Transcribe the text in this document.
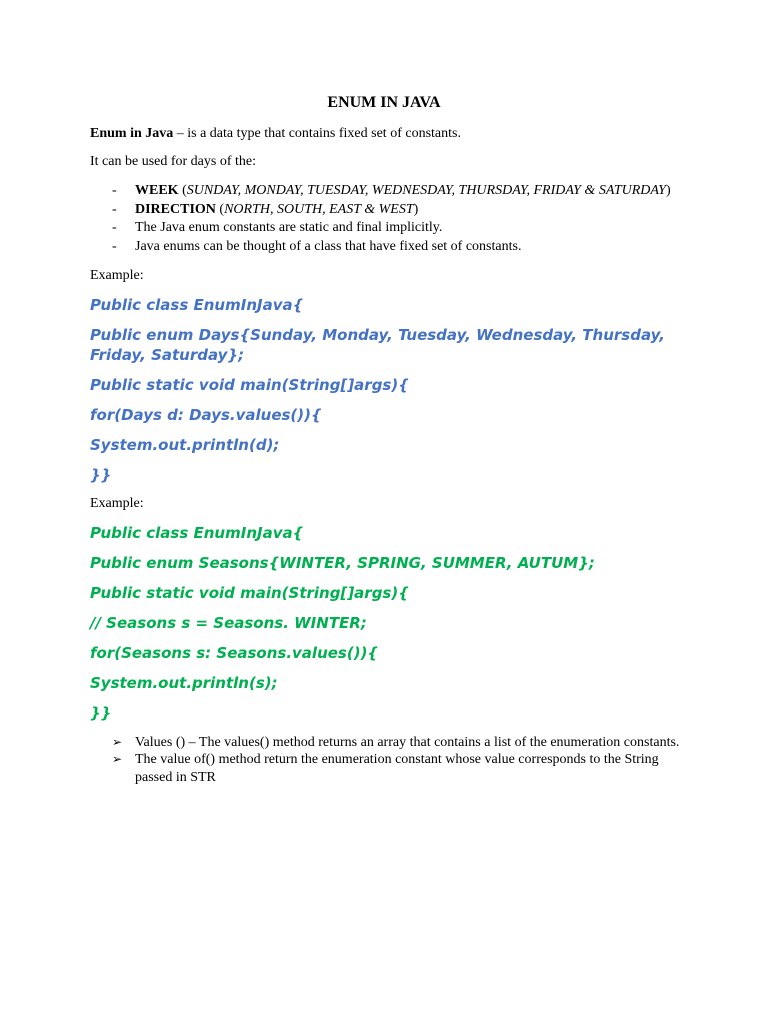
ENUM IN JAVA

Enum in Java – is a data type that contains fixed set of constants.

It can be used for days of the:

- WEEK (SUNDAY, MONDAY, TUESDAY, WEDNESDAY, THURSDAY, FRIDAY & SATURDAY)
- DIRECTION (NORTH, SOUTH, EAST & WEST)
- The Java enum constants are static and final implicitly.
- Java enums can be thought of a class that have fixed set of constants.

Example:

Public class EnumInJava{
Public enum Days{Sunday, Monday, Tuesday, Wednesday, Thursday, Friday, Saturday};
Public static void main(String[]args){
for(Days d: Days.values()){
System.out.println(d);
}}

Example:

Public class EnumInJava{
Public enum Seasons{WINTER, SPRING, SUMMER, AUTUM};
Public static void main(String[]args){
// Seasons s = Seasons. WINTER;
for(Seasons s: Seasons.values()){
System.out.println(s);
}}
➢ Values () – The values() method returns an array that contains a list of the enumeration constants.
➢ The value of() method return the enumeration constant whose value corresponds to the String passed in STR
